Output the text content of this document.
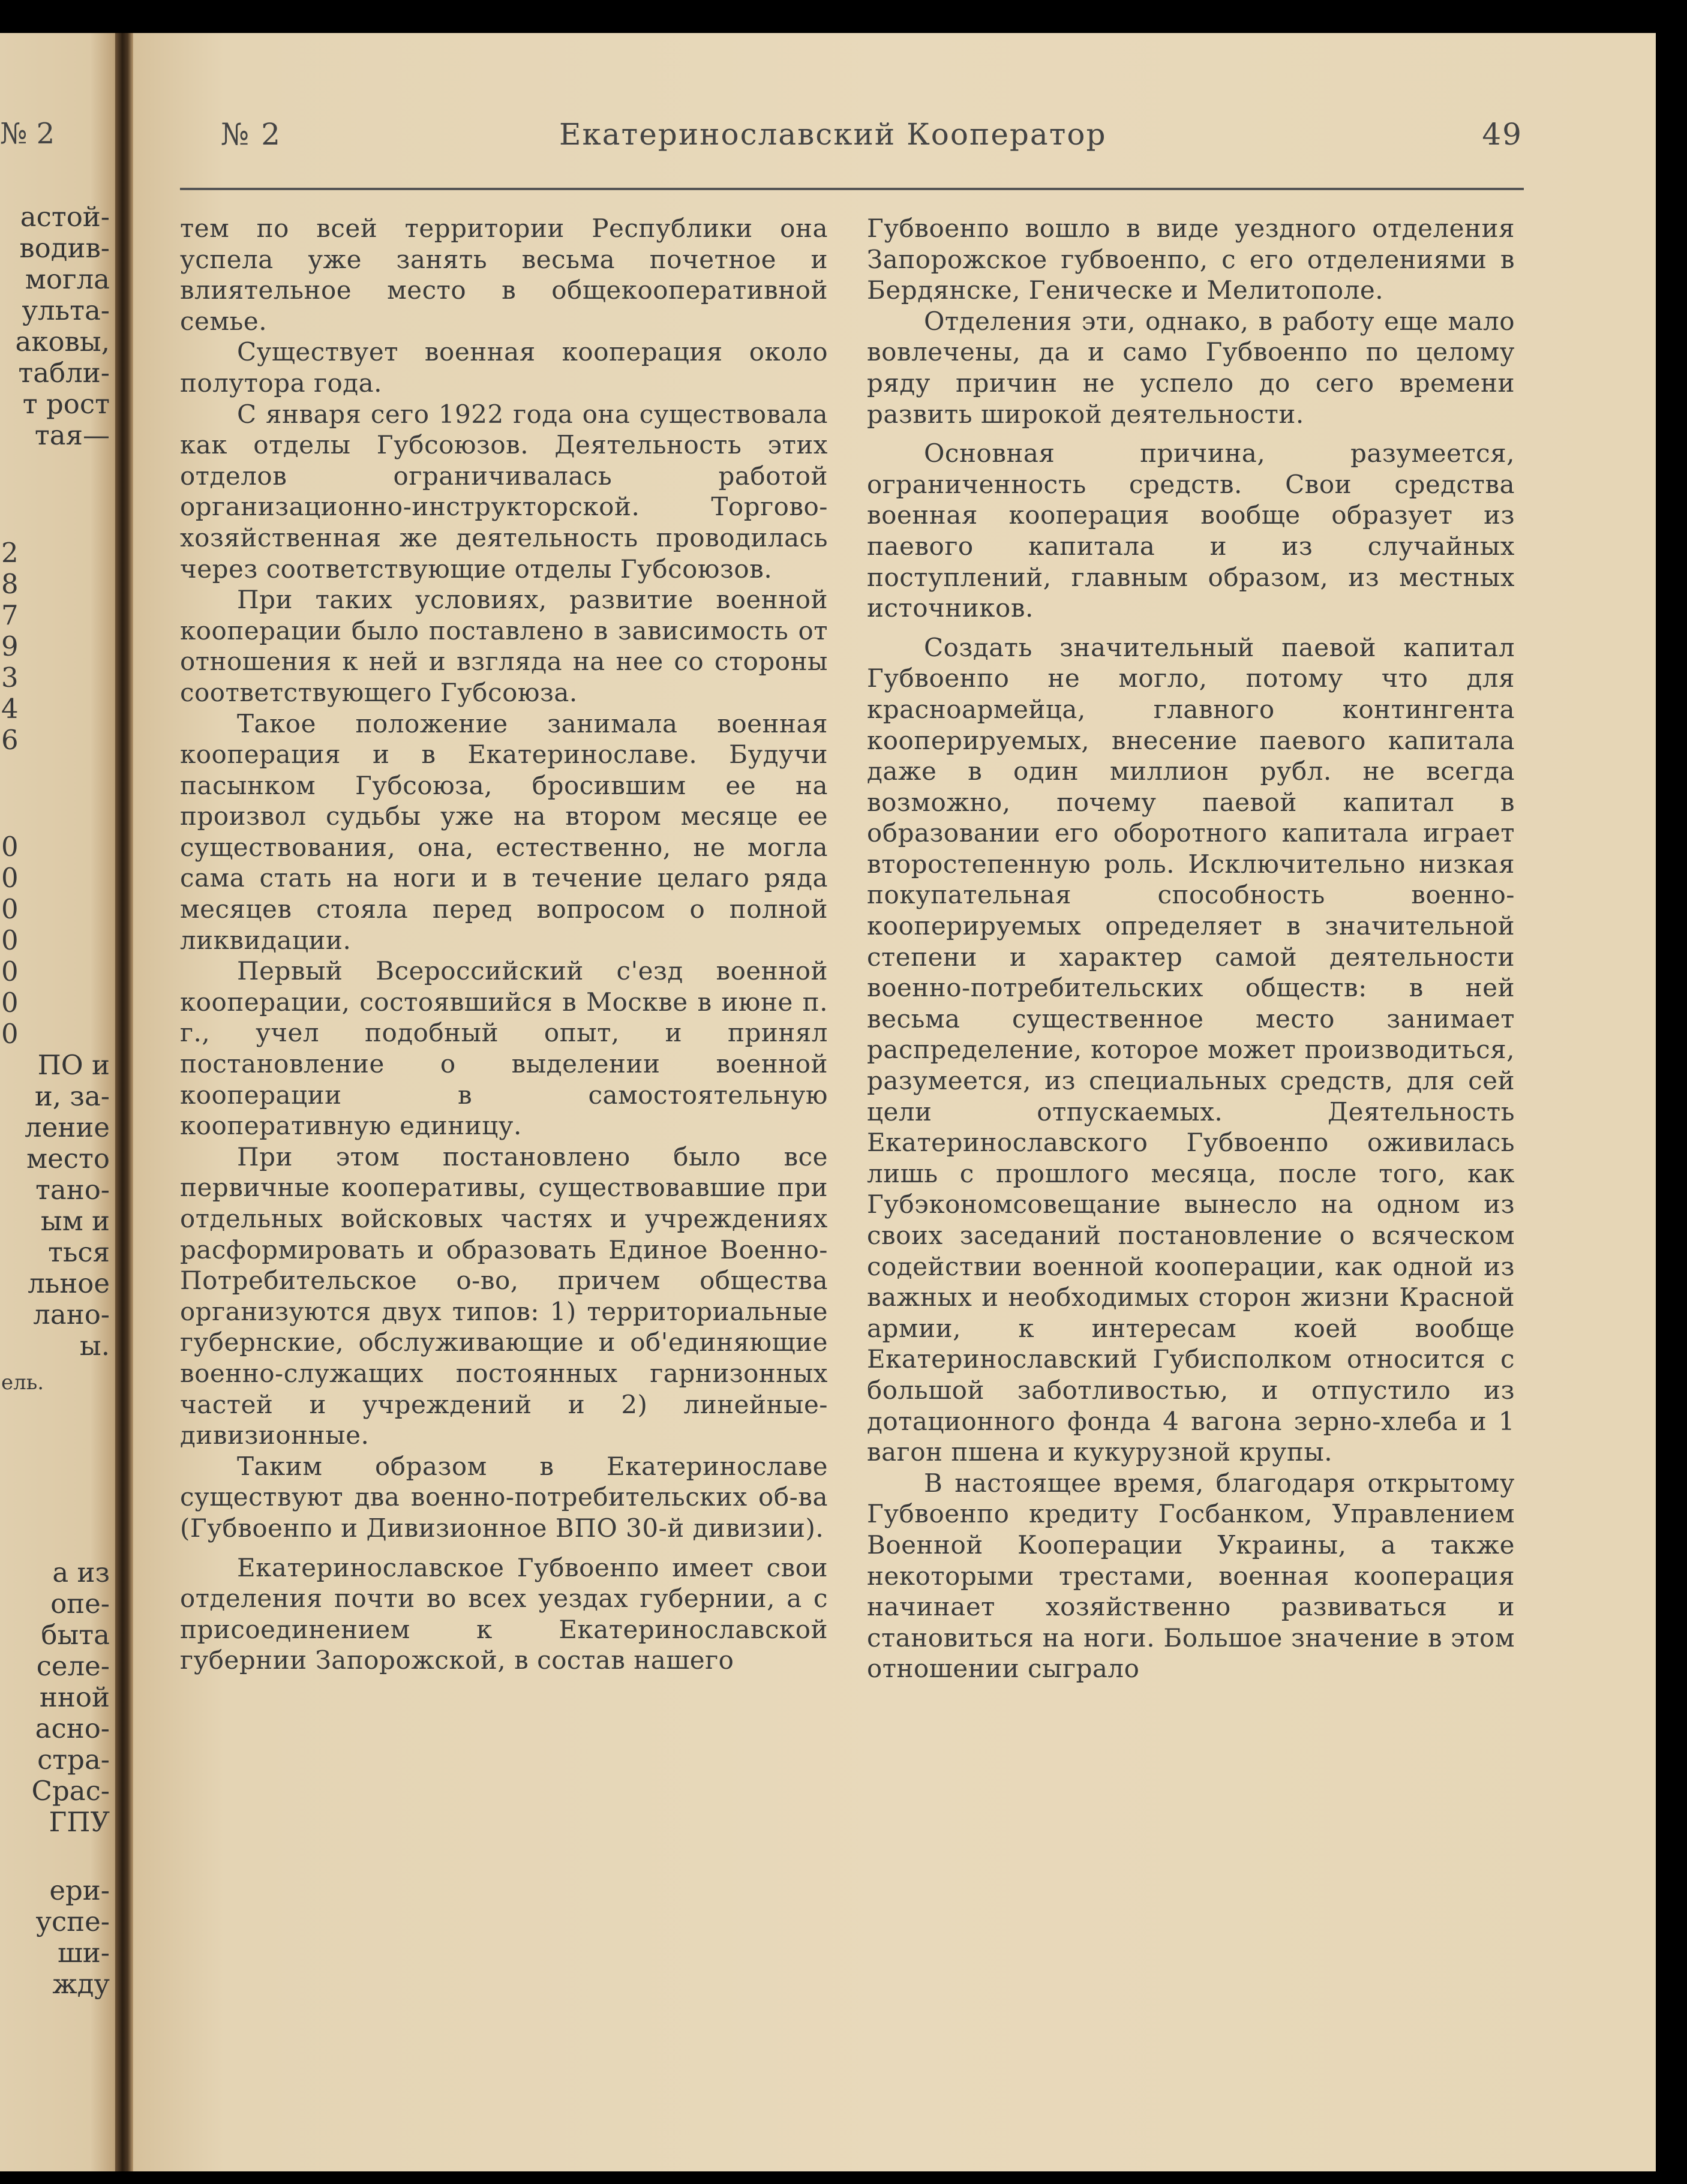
№ 2
астой-
водив-
могла
ульта-
аковы,
табли-
т рост
тая—
2
8
7
9
3
4
6
0
0
0
0
0
0
0
ПО и
и, за-
ление
место
тано-
ым и
ться
льное
лано-
ы.
ель.
а из
опе-
быта
селе-
нной
асно-
стра-
Срас-
ГПУ
ери-
успе-
ши-
жду
№ 2	Екатеринославский Кооператор	49

тем по всей территории Республики она успела уже занять весьма почетное и влиятельное место в общекооперативной семье.

Существует военная кооперация около полутора года.

С января сего 1922 года она существовала как отделы Губсоюзов. Деятельность этих отделов ограничивалась работой организационно-инструкторской. Торгово-хозяйственная же деятельность проводилась через соответствующие отделы Губсоюзов.

При таких условиях, развитие военной кооперации было поставлено в зависимость от отношения к ней и взгляда на нее со стороны соответствующего Губсоюза.

Такое положение занимала военная кооперация и в Екатеринославе. Будучи пасынком Губсоюза, бросившим ее на произвол судьбы уже на втором месяце ее существования, она, естественно, не могла сама стать на ноги и в течение целаго ряда месяцев стояла перед вопросом о полной ликвидации.

Первый Всероссийский с'езд военной кооперации, состоявшийся в Москве в июне п. г., учел подобный опыт, и принял постановление о выделении военной кооперации в самостоятельную кооперативную единицу.

При этом постановлено было все первичные кооперативы, существовавшие при отдельных войсковых частях и учреждениях расформировать и образовать Единое Военно-Потребительское о-во, причем общества организуются двух типов: 1) территориальные губернские, обслуживающие и об'единяющие военно-служащих постоянных гарнизонных частей и учреждений и 2) линейные-дивизионные.

Таким образом в Екатеринославе существуют два военно-потребительских об-ва (Губвоенпо и Дивизионное ВПО 30-й дивизии).

Екатеринославское Губвоенпо имеет свои отделения почти во всех уездах губернии, а с присоединением к Екатеринославской губернии Запорожской, в состав нашего

Губвоенпо вошло в виде уездного отделения Запорожское губвоенпо, с его отделениями в Бердянске, Геническе и Мелитополе.

Отделения эти, однако, в работу еще мало вовлечены, да и само Губвоенпо по целому ряду причин не успело до сего времени развить широкой деятельности.

Основная причина, разумеется, ограниченность средств. Свои средства военная кооперация вообще образует из паевого капитала и из случайных поступлений, главным образом, из местных источников.

Создать значительный паевой капитал Губвоенпо не могло, потому что для красноармейца, главного контингента кооперируемых, внесение паевого капитала даже в один миллион рубл. не всегда возможно, почему паевой капитал в образовании его оборотного капитала играет второстепенную роль. Исключительно низкая покупательная способность военно-кооперируемых определяет в значительной степени и характер самой деятельности военно-потребительских обществ: в ней весьма существенное место занимает распределение, которое может производиться, разумеется, из специальных средств, для сей цели отпускаемых. Деятельность Екатеринославского Губвоенпо оживилась лишь с прошлого месяца, после того, как Губэкономсовещание вынесло на одном из своих заседаний постановление о всяческом содействии военной кооперации, как одной из важных и необходимых сторон жизни Красной армии, к интересам коей вообще Екатеринославский Губисполком относится с большой заботливостью, и отпустило из дотационного фонда 4 вагона зерно-хлеба и 1 вагон пшена и кукурузной крупы.

В настоящее время, благодаря открытому Губвоенпо кредиту Госбанком, Управлением Военной Кооперации Украины, а также некоторыми трестами, военная кооперация начинает хозяйственно развиваться и становиться на ноги. Большое значение в этом отношении сыграло
